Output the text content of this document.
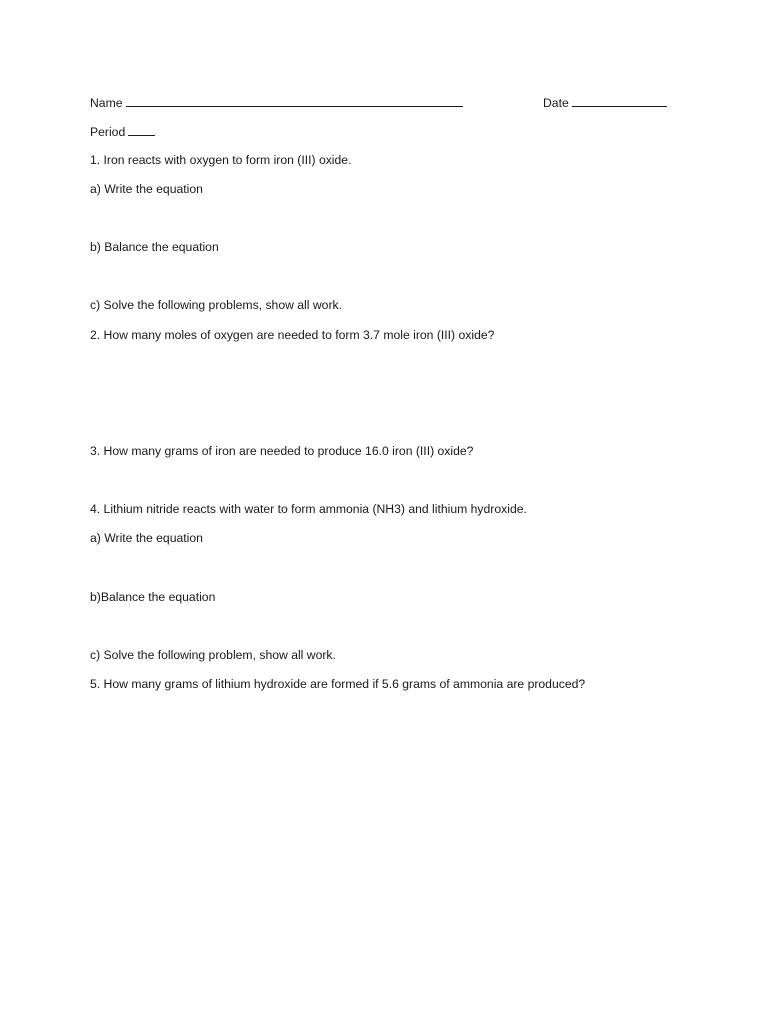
Name	Date
Period
1. Iron reacts with oxygen to form iron (III) oxide.
a) Write the equation
b) Balance the equation
c) Solve the following problems, show all work.
2. How many moles of oxygen are needed to form 3.7 mole iron (III) oxide?
3. How many grams of iron are needed to produce 16.0 iron (III) oxide?
4. Lithium nitride reacts with water to form ammonia (NH3) and lithium hydroxide.
a) Write the equation
b)Balance the equation
c) Solve the following problem, show all work.
5. How many grams of lithium hydroxide are formed if 5.6 grams of ammonia are produced?
